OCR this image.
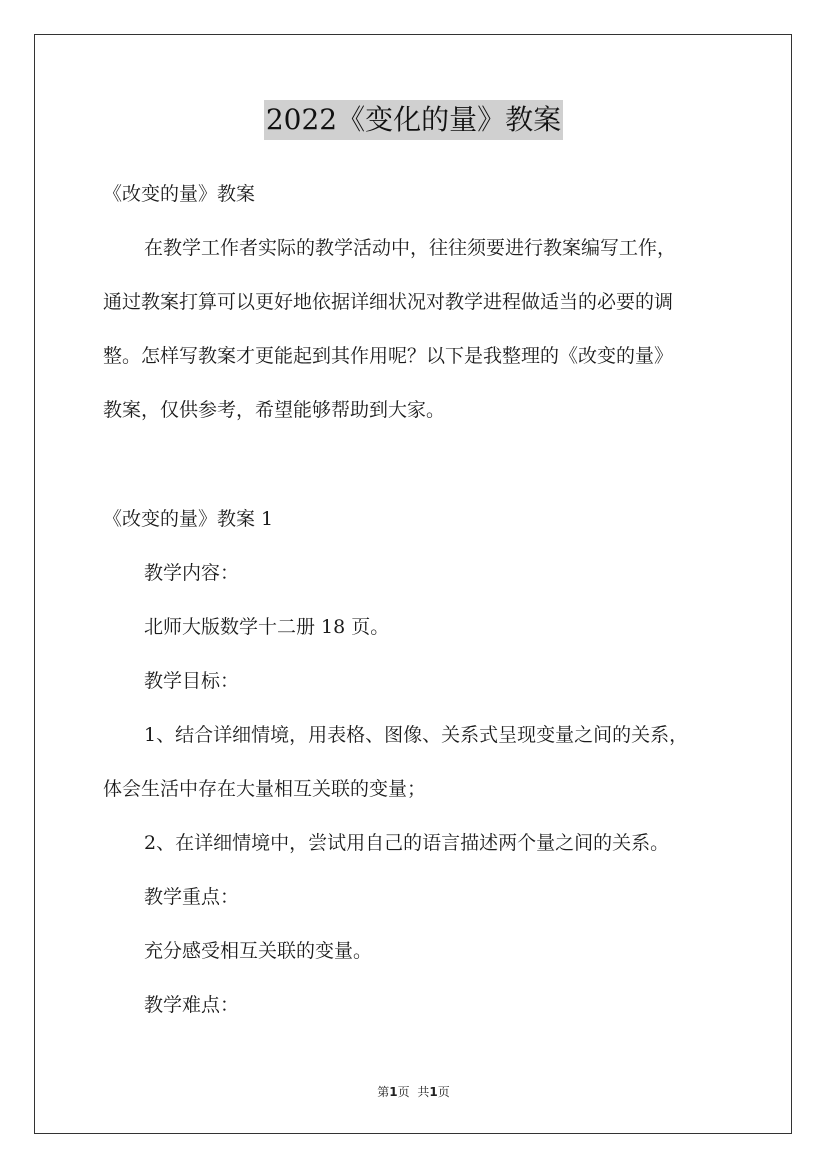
2022《变化的量》教案
《改变的量》教案
在教学工作者实际的教学活动中，往往须要进行教案编写工作，
通过教案打算可以更好地依据详细状况对教学进程做适当的必要的调
整。怎样写教案才更能起到其作用呢？以下是我整理的《改变的量》
教案，仅供参考，希望能够帮助到大家。
《改变的量》教案 1
教学内容：
北师大版数学十二册 18 页。
教学目标：
1、结合详细情境，用表格、图像、关系式呈现变量之间的关系，
体会生活中存在大量相互关联的变量；
2、在详细情境中，尝试用自己的语言描述两个量之间的关系。
教学重点：
充分感受相互关联的变量。
教学难点：
第1页 共1页
